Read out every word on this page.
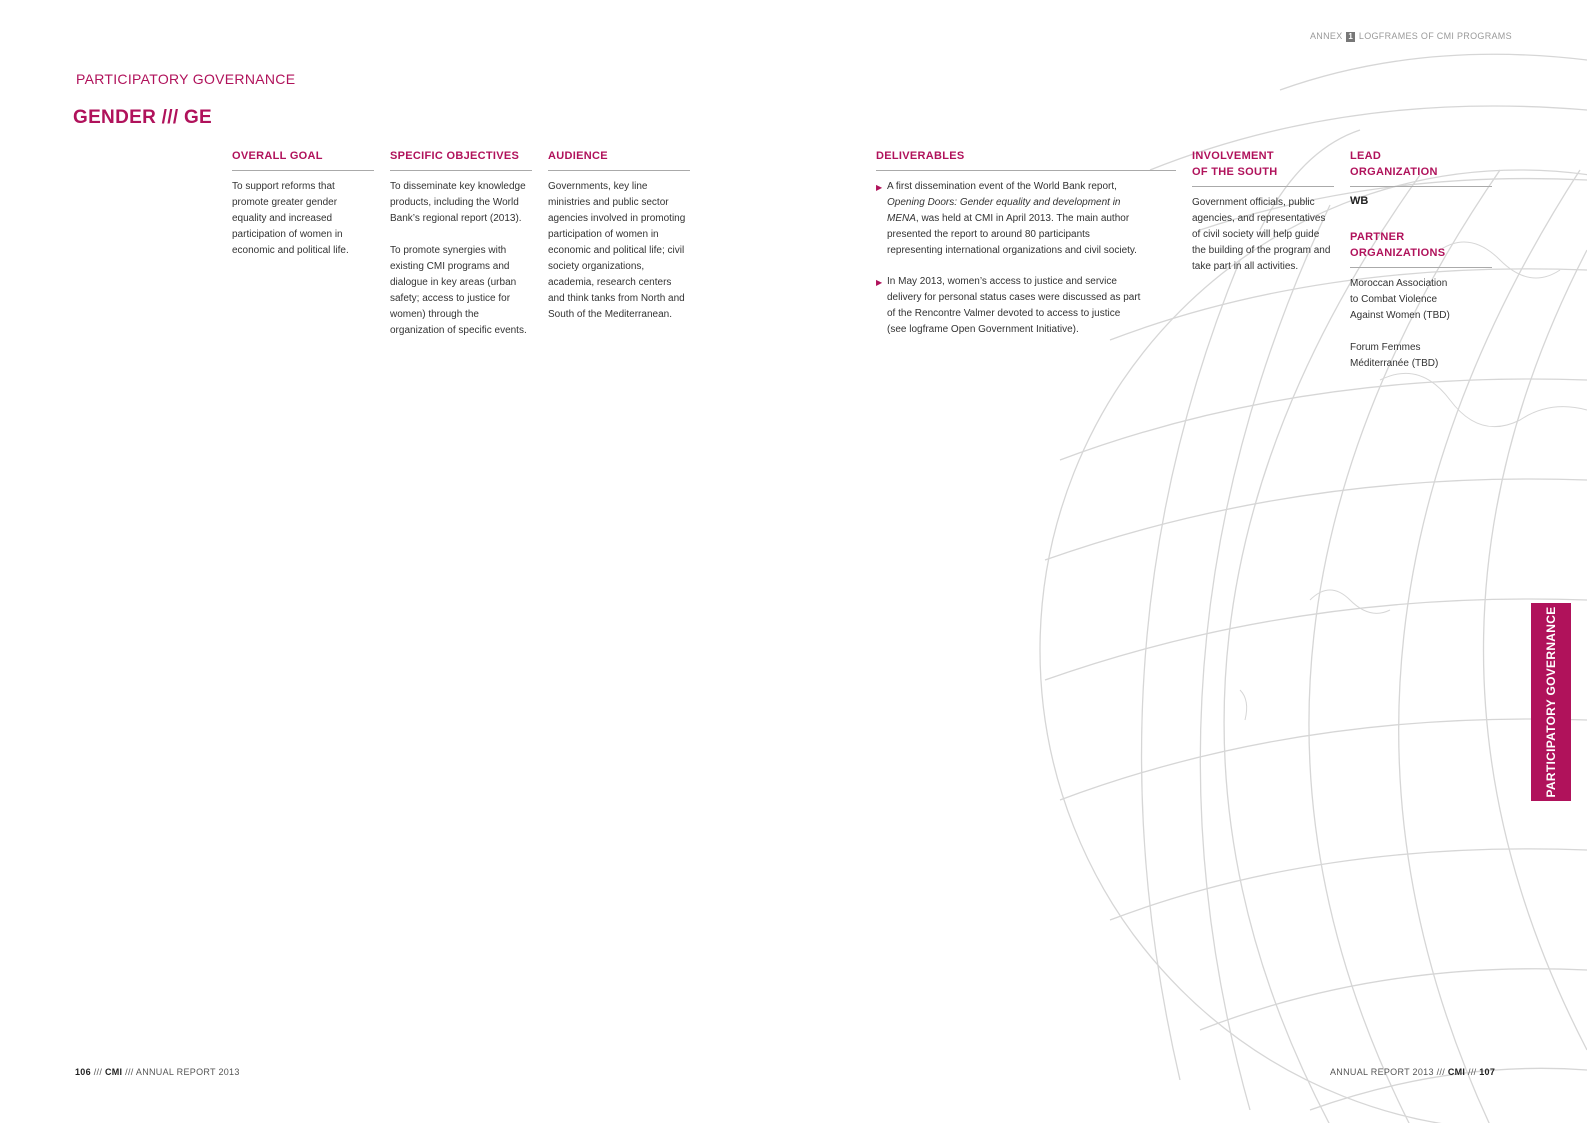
ANNEX 1 LOGFRAMES OF CMI PROGRAMS
PARTICIPATORY GOVERNANCE
GENDER /// GE
OVERALL GOAL

To support reforms that promote greater gender equality and increased participation of women in economic and political life.

SPECIFIC OBJECTIVES

To disseminate key knowledge products, including the World Bank’s regional report (2013).

To promote synergies with existing CMI programs and dialogue in key areas (urban safety; access to justice for women) through the organization of specific events.

AUDIENCE

Governments, key line ministries and public sector agencies involved in promoting participation of women in economic and political life; civil society organizations, academia, research centers and think tanks from North and South of the Mediterranean.

DELIVERABLES
▶ A first dissemination event of the World Bank report, Opening Doors: Gender equality and development in MENA, was held at CMI in April 2013. The main author presented the report to around 80 participants representing international organizations and civil society.
▶ In May 2013, women’s access to justice and service delivery for personal status cases were discussed as part of the Rencontre Valmer devoted to access to justice (see logframe Open Government Initiative).
INVOLVEMENT
OF THE SOUTH

Government officials, public agencies, and representatives of civil society will help guide the building of the program and take part in all activities.

LEAD
ORGANIZATION
WB
PARTNER
ORGANIZATIONS

Moroccan Association to Combat Violence Against Women (TBD)

Forum Femmes Méditerranée (TBD)

PARTICIPATORY GOVERNANCE
106 /// CMI /// ANNUAL REPORT 2013	ANNUAL REPORT 2013 /// CMI /// 107
